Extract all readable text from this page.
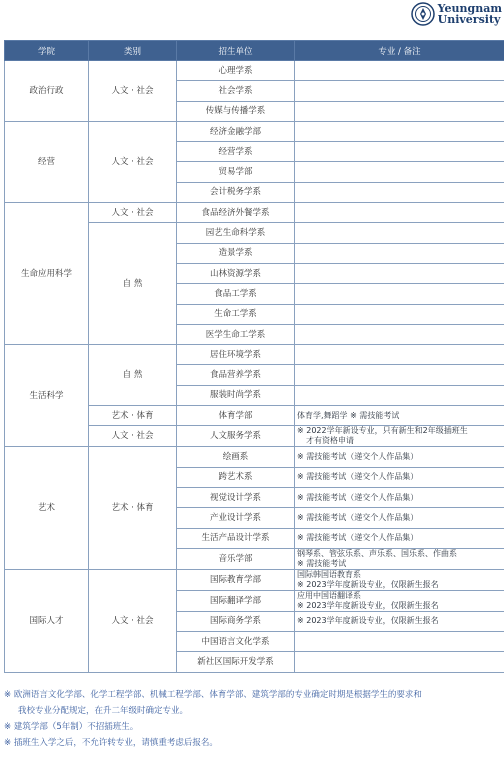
Yeungnam
University
学院	类别	招生单位	专业 / 备注
政治行政	人文 · 社会	心理学系	
		社会学系	
		传媒与传播学系	
经营	人文 · 社会	经济金融学部	
		经营学系	
		贸易学部	
		会计税务学系	
生命应用科学	人文 · 社会	食品经济外餐学系	
	自 然	园艺生命科学系	
		造景学系	
		山林资源学系	
		食品工学系	
		生命工学系	
		医学生命工学系	
生活科学	自 然	居住环境学系	
		食品营养学系	
		服装时尚学系	
	艺术 · 体育	体育学部	体育学,舞蹈学 ※ 需技能考试
	人文 · 社会	人文服务学系	※ 2022学年新设专业，只有新生和2年级插班生
才有资格申请

艺术	艺术 · 体育	绘画系	※ 需技能考试（递交个人作品集）
		跨艺术系	※ 需技能考试（递交个人作品集）
		视觉设计学系	※ 需技能考试（递交个人作品集）
		产业设计学系	※ 需技能考试（递交个人作品集）
		生活产品设计学系	※ 需技能考试（递交个人作品集）
		音乐学部	钢琴系、管弦乐系、声乐系、国乐系、作曲系
※ 需技能考试

国际人才	人文 · 社会	国际教育学部	国际韩国语教育系
※ 2023学年度新设专业，仅限新生报名

		国际翻译学部	应用中国语翻译系
※ 2023学年度新设专业，仅限新生报名

		国际商务学系	※ 2023学年度新设专业，仅限新生报名
		中国语言文化学系	
		新社区国际开发学系	

※ 欧洲语言文化学部、化学工程学部、机械工程学部、体育学部、建筑学部的专业确定时期是根据学生的要求和

我校专业分配规定，在升二年级时确定专业。

※ 建筑学部（5年制）不招插班生。

※ 插班生入学之后，不允许转专业，请慎重考虑后报名。
